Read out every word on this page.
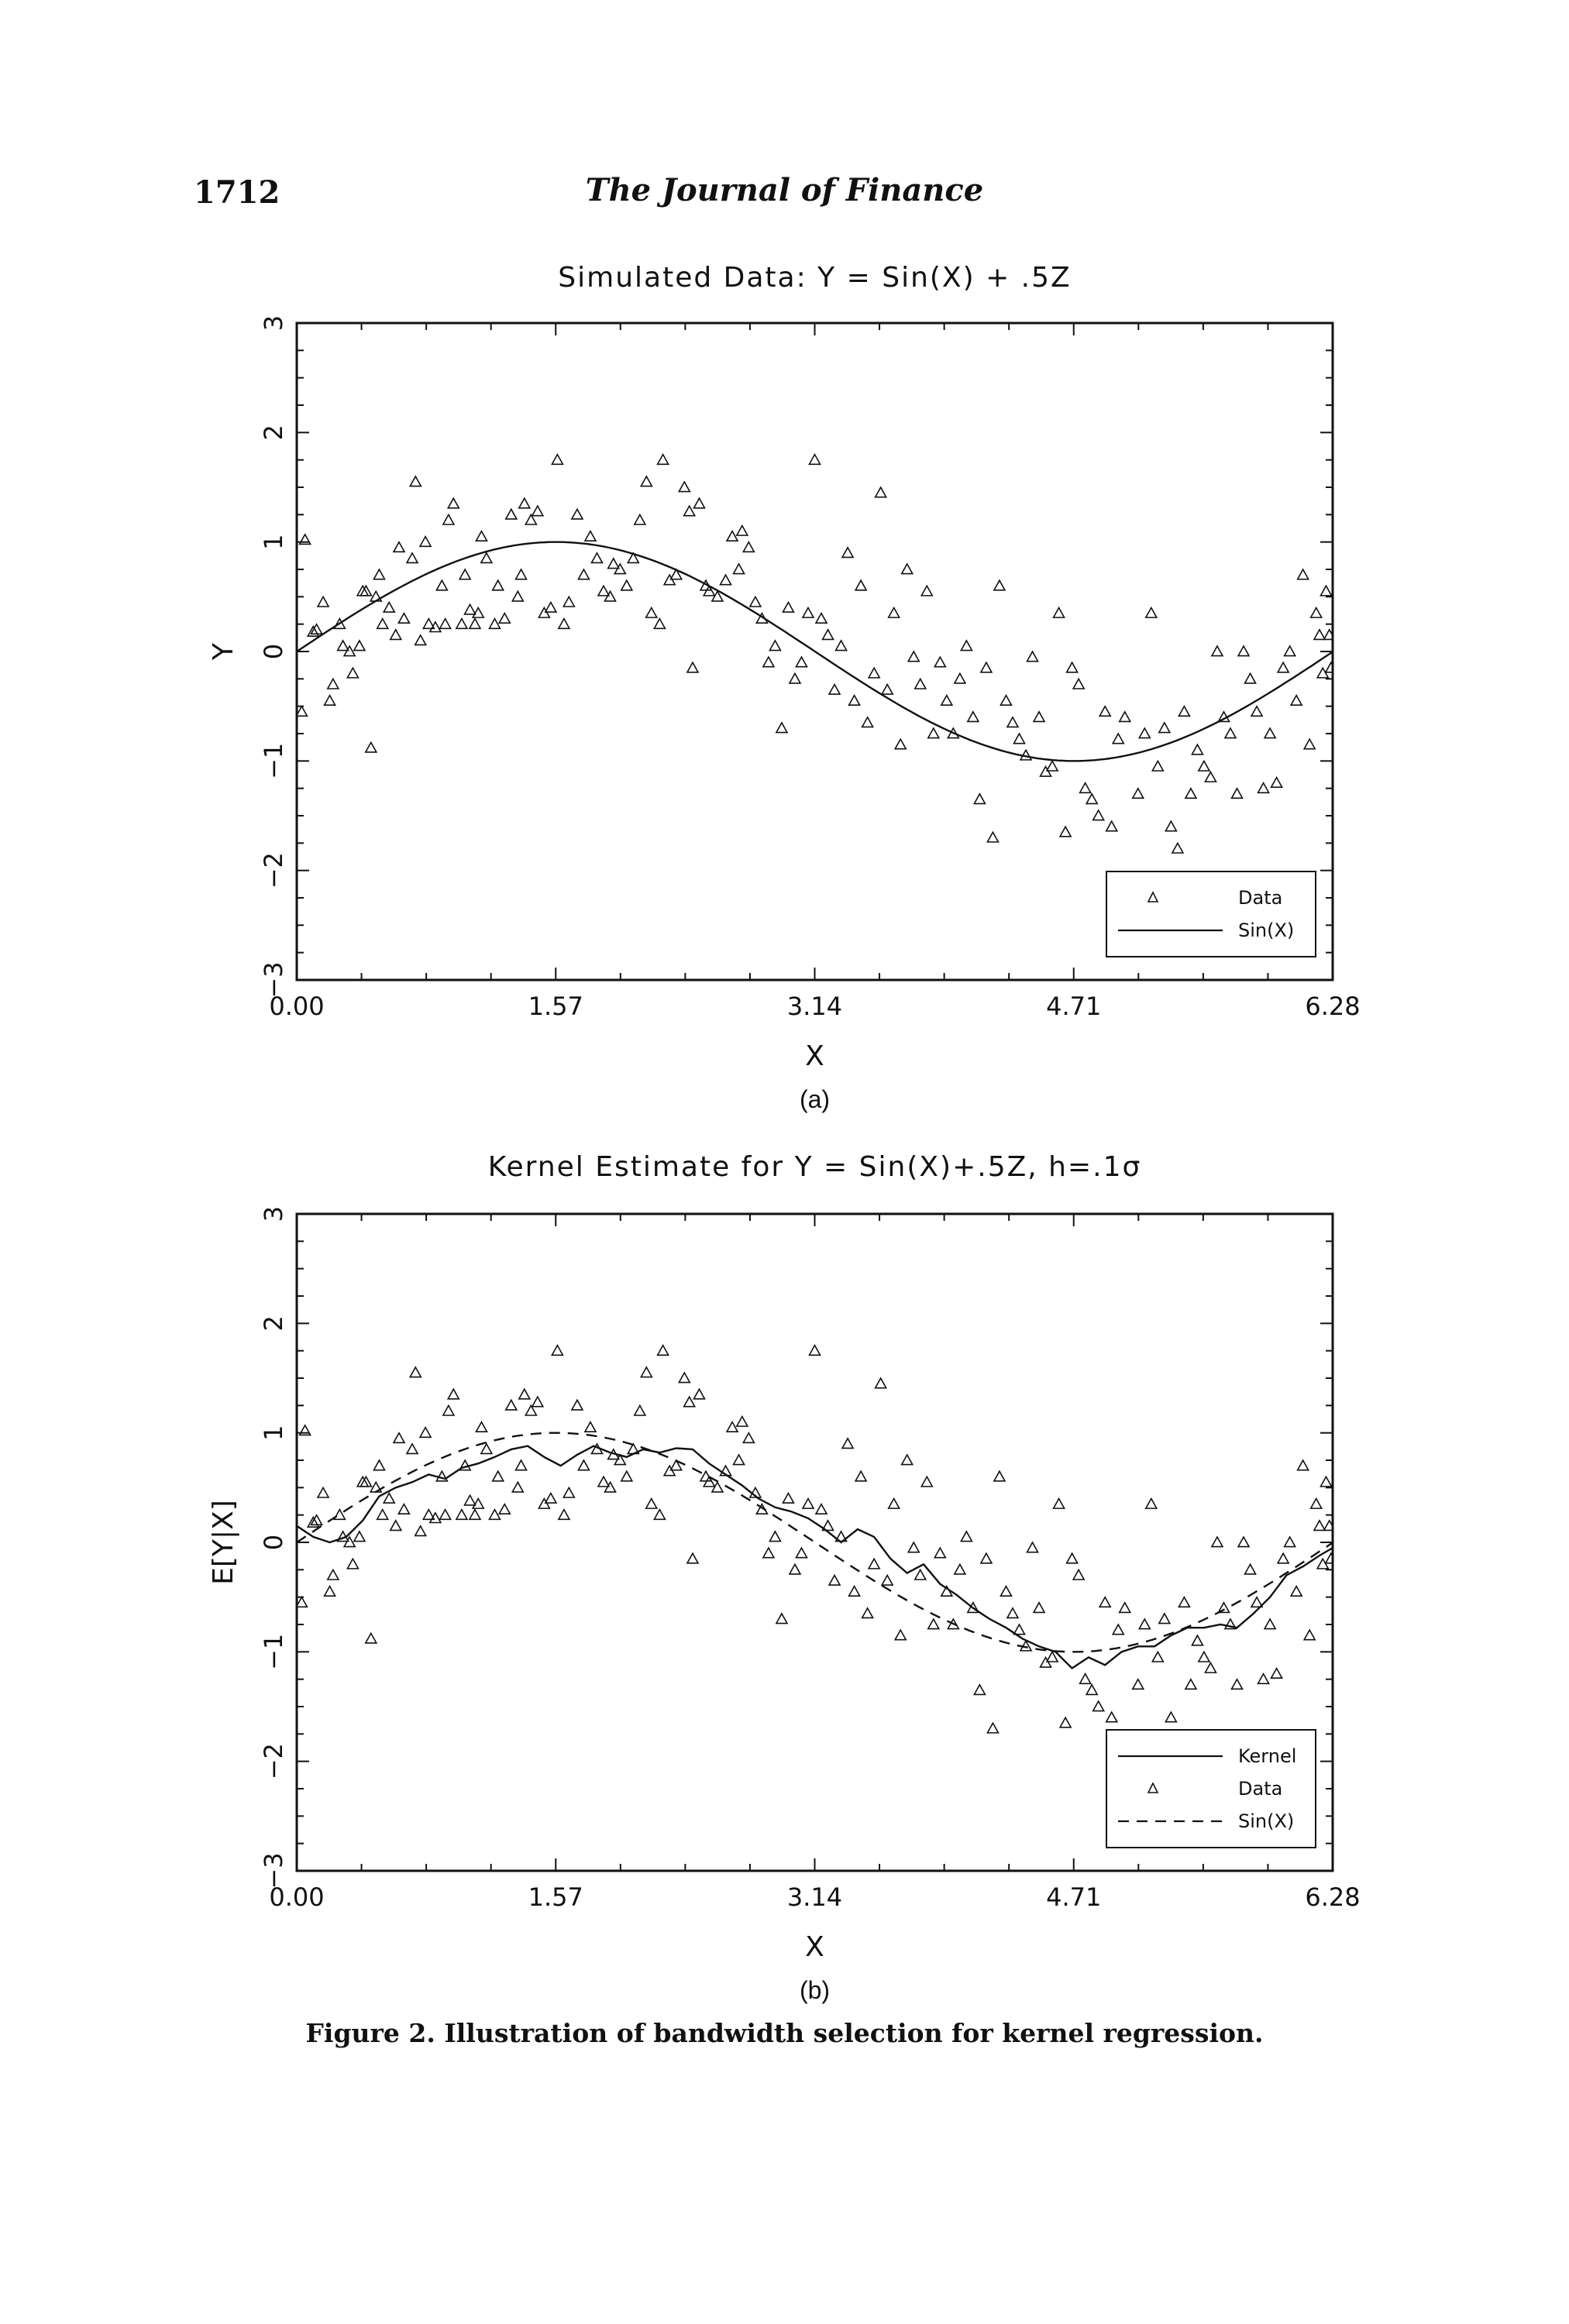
1712	The Journal of Finance
Simulated Data: Y = Sin(X) + .5Z
0.00	1.57	3.14	4.71	6.28
−3
−2
−1
0
1
2
3
X
Y
(a)
Data
Sin(X)
Kernel Estimate for Y = Sin(X)+.5Z, h=.1σ
0.00	1.57	3.14	4.71	6.28
−3
−2
−1
0
1
2
3
X
E[Y|X]
(b)
Kernel
Data
Sin(X)
Figure 2. Illustration of bandwidth selection for kernel regression.
